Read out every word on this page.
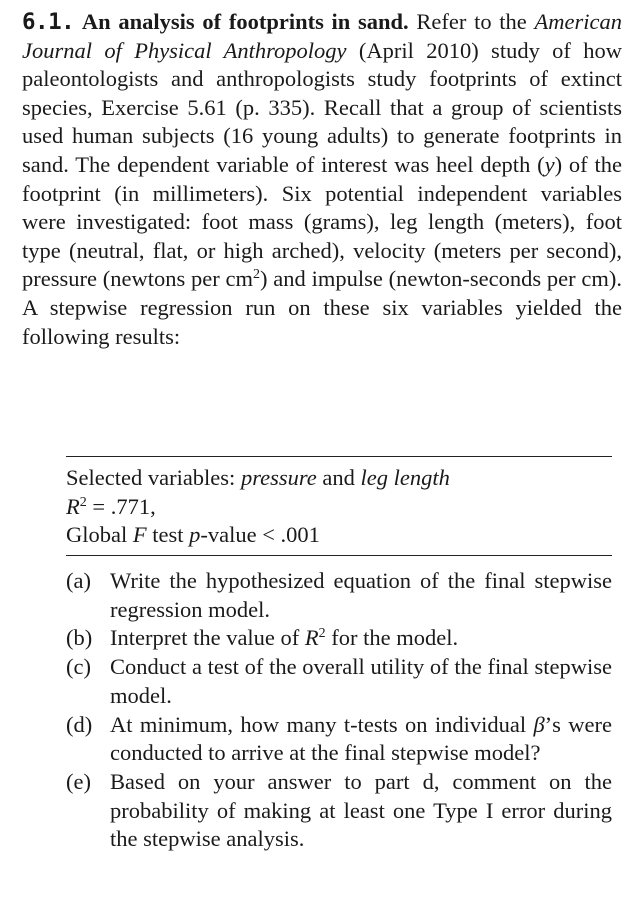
6.1. An analysis of footprints in sand. Refer to the American Journal of Physical Anthropology (April 2010) study of how paleontologists and anthropologists study footprints of extinct species, Exercise 5.61 (p. 335). Recall that a group of scientists used human subjects (16 young adults) to generate footprints in sand. The dependent variable of interest was heel depth (y) of the footprint (in millimeters). Six potential independent variables were investigated: foot mass (grams), leg length (meters), foot type (neutral, flat, or high arched), velocity (meters per second), pressure (newtons per $cm^2$) and impulse (newton-seconds per cm). A stepwise regression run on these six variables yielded the following results:
Selected variables: pressure and leg length
$R^2 = .771$,
Global F test p-value < .001
(a) Write the hypothesized equation of the final stepwise regression model.
(b) Interpret the value of $R^2$ for the model.
(c) Conduct a test of the overall utility of the final stepwise model.
(d) At minimum, how many t-tests on individual β’s were conducted to arrive at the final stepwise model?
(e) Based on your answer to part d, comment on the probability of making at least one Type I error during the stepwise analysis.
